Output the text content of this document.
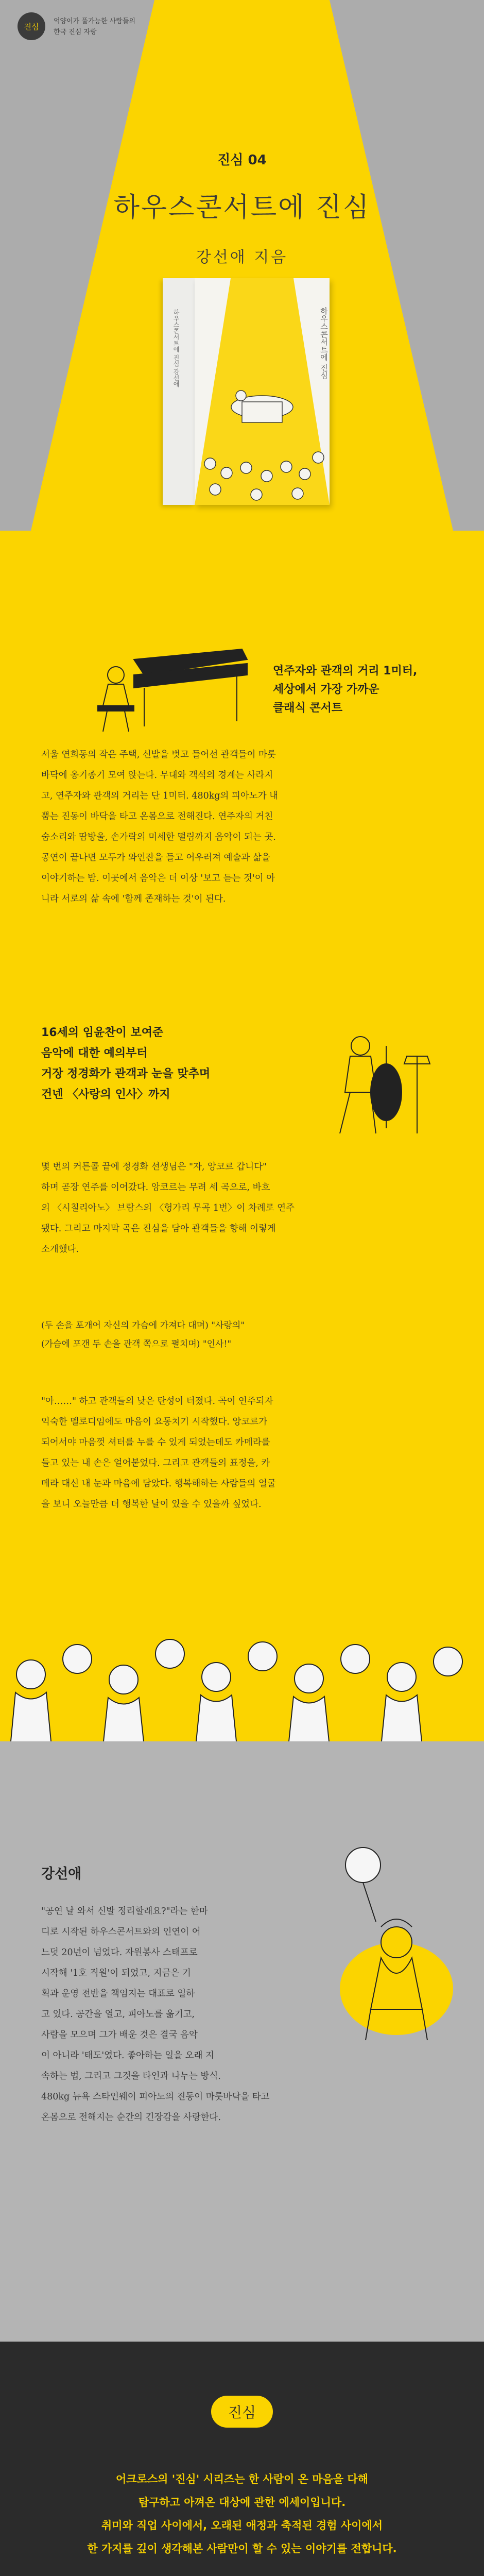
진심
억양이가 풀가능한 사람들의
한국 진심 자랑
진심 04
하우스콘서트에 진심
강선애 지음
하우스콘서트에 진심 강선애	하우스콘서트에 진심
연주자와 관객의 거리 1미터,
세상에서 가장 가까운
클래식 콘서트
서울 연희동의 작은 주택, 신발을 벗고 들어선 관객들이 마룻
바닥에 옹기종기 모여 앉는다. 무대와 객석의 경계는 사라지
고, 연주자와 관객의 거리는 단 1미터. 480kg의 피아노가 내
뿜는 진동이 바닥을 타고 온몸으로 전해진다. 연주자의 거친
숨소리와 땀방울, 손가락의 미세한 떨림까지 음악이 되는 곳.
공연이 끝나면 모두가 와인잔을 들고 어우러져 예술과 삶을
이야기하는 밤. 이곳에서 음악은 더 이상 '보고 듣는 것'이 아
니라 서로의 삶 속에 '함께 존재하는 것'이 된다.
16세의 임윤찬이 보여준
음악에 대한 예의부터
거장 정경화가 관객과 눈을 맞추며
건넨 〈사랑의 인사〉까지
몇 번의 커튼콜 끝에 정경화 선생님은 "자, 앙코르 갑니다"
하며 곧장 연주를 이어갔다. 앙코르는 무려 세 곡으로, 바흐
의 〈시칠리아노〉 브람스의 〈헝가리 무곡 1번〉이 차례로 연주
됐다. 그리고 마지막 곡은 진심을 담아 관객들을 향해 이렇게
소개했다.
(두 손을 포개어 자신의 가슴에 가져다 대며) "사랑의"
(가슴에 포갠 두 손을 관객 쪽으로 펼치며) "인사!"
"아……" 하고 관객들의 낮은 탄성이 터졌다. 곡이 연주되자
익숙한 멜로디임에도 마음이 요동치기 시작했다. 앙코르가
되어서야 마음껏 셔터를 누를 수 있게 되었는데도 카메라를
들고 있는 내 손은 얼어붙었다. 그리고 관객들의 표정을, 카
메라 대신 내 눈과 마음에 담았다. 행복해하는 사람들의 얼굴
을 보니 오늘만큼 더 행복한 날이 있을 수 있을까 싶었다.
강선애
"공연 날 와서 신발 정리할래요?"라는 한마
디로 시작된 하우스콘서트와의 인연이 어
느덧 20년이 넘었다. 자원봉사 스태프로
시작해 '1호 직원'이 되었고, 지금은 기
획과 운영 전반을 책임지는 대표로 일하
고 있다. 공간을 열고, 피아노를 옮기고,
사람을 모으며 그가 배운 것은 결국 음악
이 아니라 '태도'였다. 좋아하는 일을 오래 지
속하는 법, 그리고 그것을 타인과 나누는 방식.
480kg 뉴욕 스타인웨이 피아노의 진동이 마룻바닥을 타고
온몸으로 전해지는 순간의 긴장감을 사랑한다.
진심
어크로스의 '진심' 시리즈는 한 사람이 온 마음을 다해
탐구하고 아껴온 대상에 관한 에세이입니다.
취미와 직업 사이에서, 오래된 애정과 축적된 경험 사이에서
한 가지를 깊이 생각해본 사람만이 할 수 있는 이야기를 전합니다.
